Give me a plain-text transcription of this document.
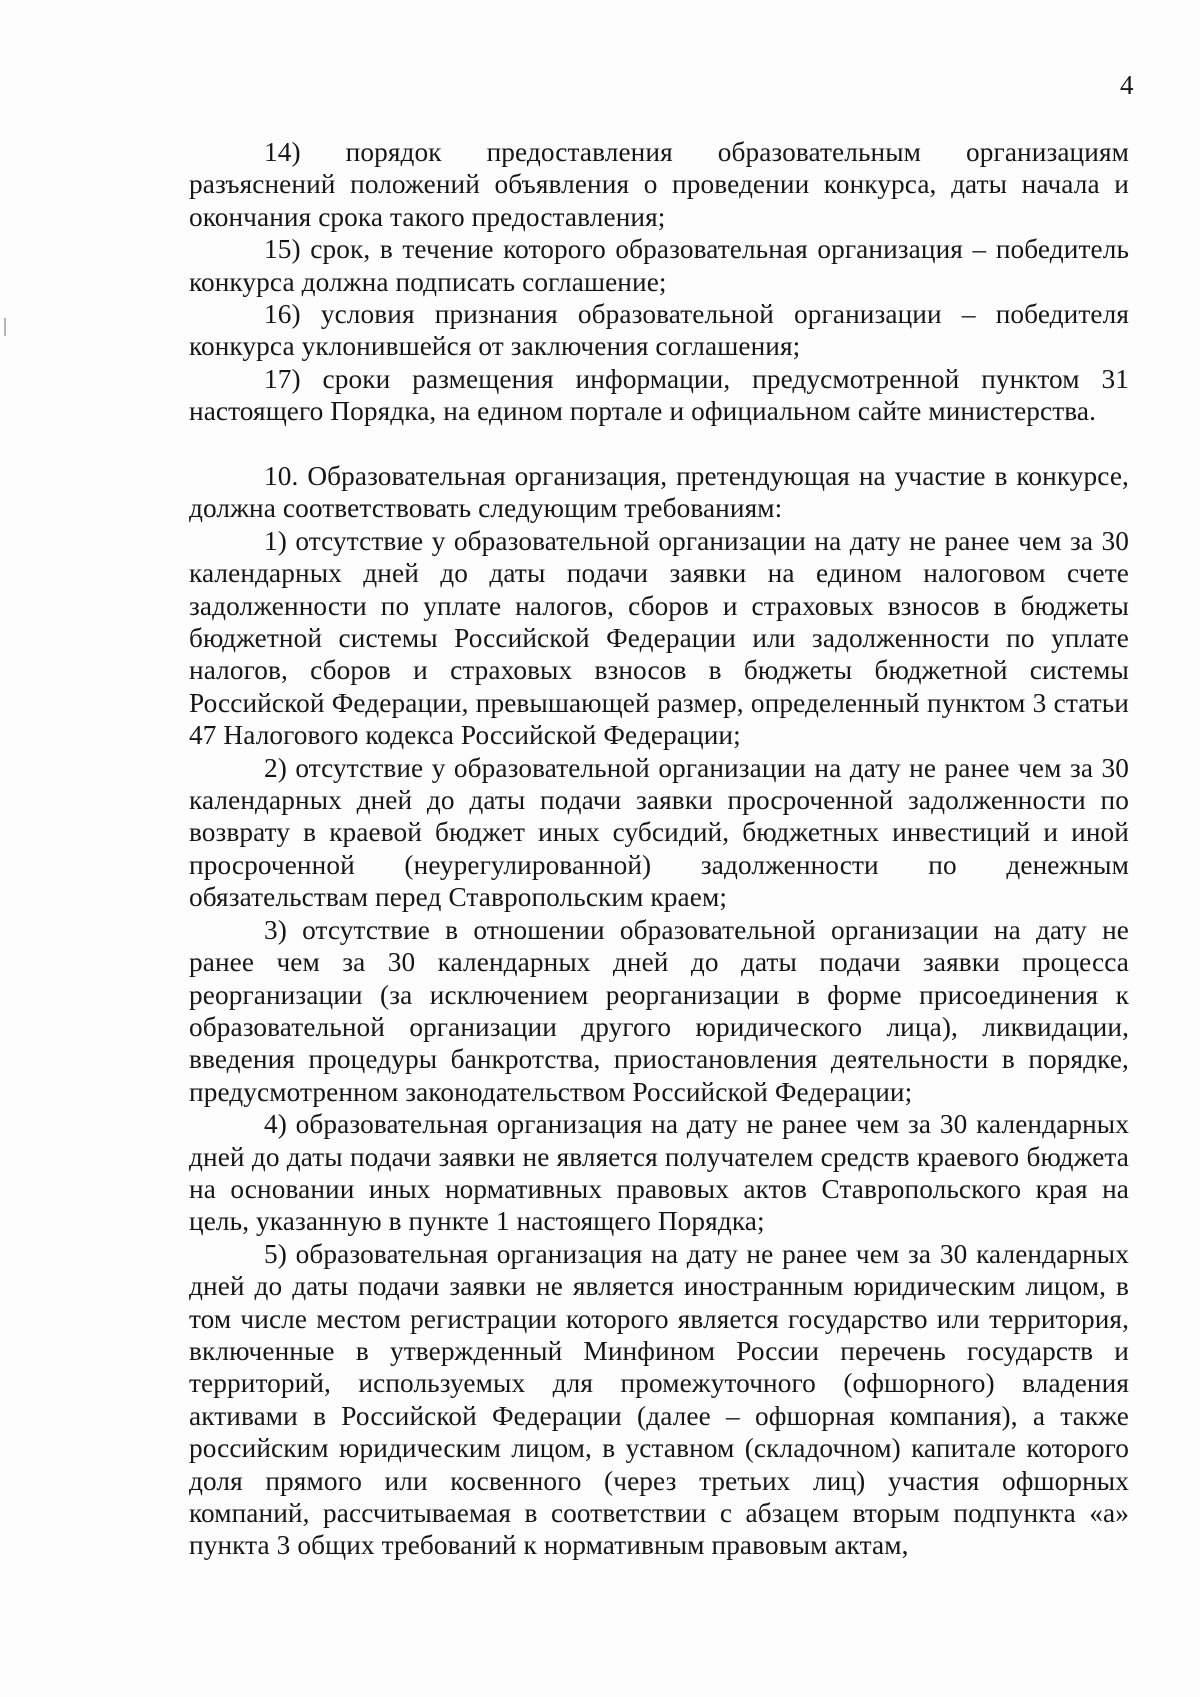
4

14) порядок предоставления образовательным организациям разъяснений положений объявления о проведении конкурса, даты начала и окончания срока такого предоставления;

15) срок, в течение которого образовательная организация – победитель конкурса должна подписать соглашение;

16) условия признания образовательной организации – победителя конкурса уклонившейся от заключения соглашения;

17) сроки размещения информации, предусмотренной пунктом 31 настоящего Порядка, на едином портале и официальном сайте министерства.

10. Образовательная организация, претендующая на участие в конкурсе, должна соответствовать следующим требованиям:

1) отсутствие у образовательной организации на дату не ранее чем за 30 календарных дней до даты подачи заявки на едином налоговом счете задолженности по уплате налогов, сборов и страховых взносов в бюджеты бюджетной системы Российской Федерации или задолженности по уплате налогов, сборов и страховых взносов в бюджеты бюджетной системы Российской Федерации, превышающей размер, определенный пунктом 3 статьи 47 Налогового кодекса Российской Федерации;

2) отсутствие у образовательной организации на дату не ранее чем за 30 календарных дней до даты подачи заявки просроченной задолженности по возврату в краевой бюджет иных субсидий, бюджетных инвестиций и иной просроченной (неурегулированной) задолженности по денежным обязательствам перед Ставропольским краем;

3) отсутствие в отношении образовательной организации на дату не ранее чем за 30 календарных дней до даты подачи заявки процесса реорганизации (за исключением реорганизации в форме присоединения к образовательной организации другого юридического лица), ликвидации, введения процедуры банкротства, приостановления деятельности в порядке, предусмотренном законодательством Российской Федерации;

4) образовательная организация на дату не ранее чем за 30 календарных дней до даты подачи заявки не является получателем средств краевого бюджета на основании иных нормативных правовых актов Ставропольского края на цель, указанную в пункте 1 настоящего Порядка;

5) образовательная организация на дату не ранее чем за 30 календарных дней до даты подачи заявки не является иностранным юридическим лицом, в том числе местом регистрации которого является государство или территория, включенные в утвержденный Минфином России перечень государств и территорий, используемых для промежуточного (офшорного) владения активами в Российской Федерации (далее – офшорная компания), а также российским юридическим лицом, в уставном (складочном) капитале которого доля прямого или косвенного (через третьих лиц) участия офшорных компаний, рассчитываемая в соответствии с абзацем вторым подпункта «а» пункта 3 общих требований к нормативным правовым актам,
